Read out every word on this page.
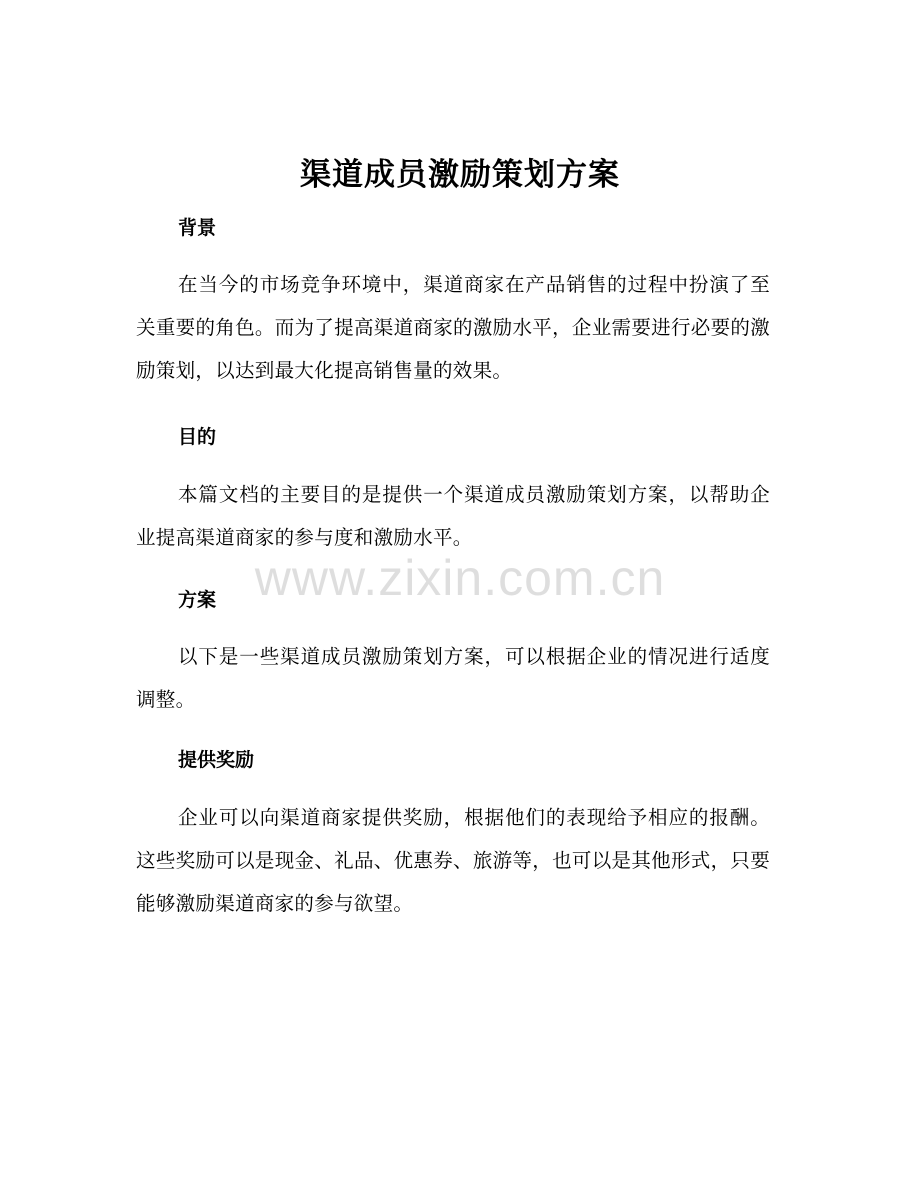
渠道成员激励策划方案
背景
在当今的市场竞争环境中，渠道商家在产品销售的过程中扮演了至关重要的角色。而为了提高渠道商家的激励水平，企业需要进行必要的激励策划，以达到最大化提高销售量的效果。
目的
本篇文档的主要目的是提供一个渠道成员激励策划方案，以帮助企业提高渠道商家的参与度和激励水平。
www.zixin.com.cn
方案
以下是一些渠道成员激励策划方案，可以根据企业的情况进行适度调整。
提供奖励
企业可以向渠道商家提供奖励，根据他们的表现给予相应的报酬。这些奖励可以是现金、礼品、优惠券、旅游等，也可以是其他形式，只要能够激励渠道商家的参与欲望。
